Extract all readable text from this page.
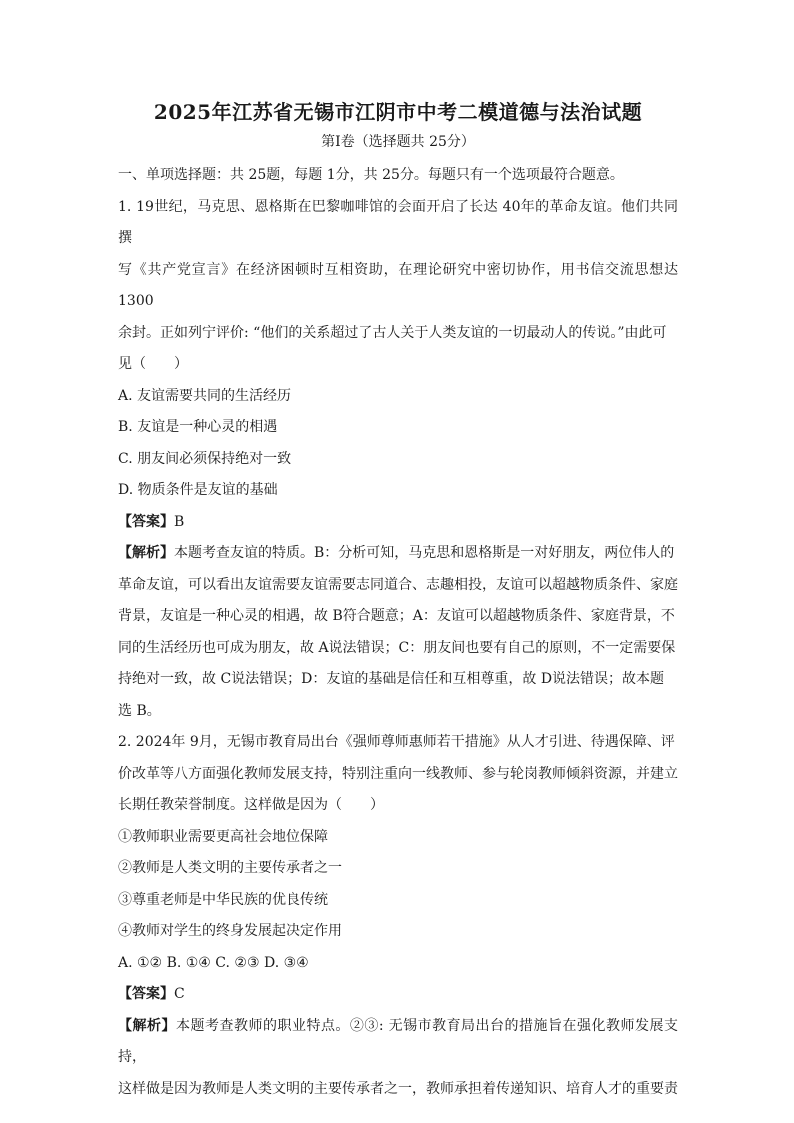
2025年江苏省无锡市江阴市中考二模道德与法治试题
第Ⅰ卷（选择题共 25分）

一、单项选择题：共 25题，每题 1分，共 25分。每题只有一个选项最符合题意。

1. 19世纪，马克思、恩格斯在巴黎咖啡馆的会面开启了长达 40年的革命友谊。他们共同撰

写《共产党宣言》在经济困顿时互相资助，在理论研究中密切协作，用书信交流思想达 1300

余封。正如列宁评价: “他们的关系超过了古人关于人类友谊的一切最动人的传说。”由此可

见（　　）

A. 友谊需要共同的生活经历

B. 友谊是一种心灵的相遇

C. 朋友间必须保持绝对一致

D. 物质条件是友谊的基础

【答案】B

【解析】本题考查友谊的特质。B：分析可知，马克思和恩格斯是一对好朋友，两位伟人的

革命友谊，可以看出友谊需要友谊需要志同道合、志趣相投，友谊可以超越物质条件、家庭

背景，友谊是一种心灵的相遇，故 B符合题意；A：友谊可以超越物质条件、家庭背景，不

同的生活经历也可成为朋友，故 A说法错误；C：朋友间也要有自己的原则，不一定需要保

持绝对一致，故 C说法错误；D：友谊的基础是信任和互相尊重，故 D说法错误；故本题

选 B。

2. 2024年 9月，无锡市教育局出台《强师尊师惠师若干措施》从人才引进、待遇保障、评

价改革等八方面强化教师发展支持，特别注重向一线教师、参与轮岗教师倾斜资源，并建立

长期任教荣誉制度。这样做是因为（　　）

①教师职业需要更高社会地位保障

②教师是人类文明的主要传承者之一

③尊重老师是中华民族的优良传统

④教师对学生的终身发展起决定作用

A. ①② B. ①④ C. ②③ D. ③④

【答案】C

【解析】本题考查教师的职业特点。②③: 无锡市教育局出台的措施旨在强化教师发展支持，

这样做是因为教师是人类文明的主要传承者之一，教师承担着传递知识、培育人才的重要责
